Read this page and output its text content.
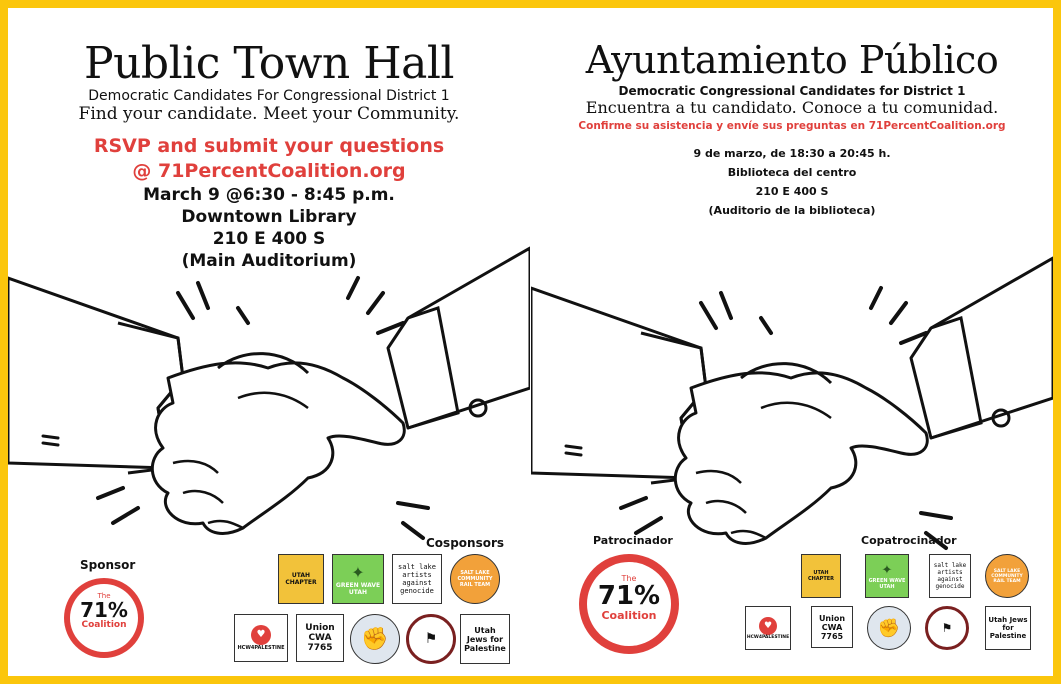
Public Town Hall
Democratic Candidates For Congressional District 1
Find your candidate. Meet your Community.
RSVP and submit your questions
@ 71PercentCoalition.org
March 9 @6:30 - 8:45 p.m.
Downtown Library
210 E 400 S
(Main Auditorium)
Sponsor
Cosponsors
The
71%
Coalition
UTAH CHAPTER
✦
GREEN WAVE
UTAH
salt lake artists against genocide
SALT LAKE COMMUNITY RAIL TEAM
♥
HCW4PALESTINE
Union CWA 7765	✊	⚑
Utah Jews for Palestine
Ayuntamiento Público
Democratic Congressional Candidates for District 1
Encuentra a tu candidato. Conoce a tu comunidad.
Confirme su asistencia y envíe sus preguntas en 71PercentCoalition.org
9 de marzo, de 18:30 a 20:45 h.
Biblioteca del centro
210 E 400 S
(Auditorio de la biblioteca)
Patrocinador	Copatrocinador
The
71%
Coalition
UTAH CHAPTER
✦
GREEN WAVE
UTAH
salt lake artists against genocide
SALT LAKE COMMUNITY RAIL TEAM
♥
HCW4PALESTINE
Union CWA 7765	✊	⚑
Utah Jews for Palestine
